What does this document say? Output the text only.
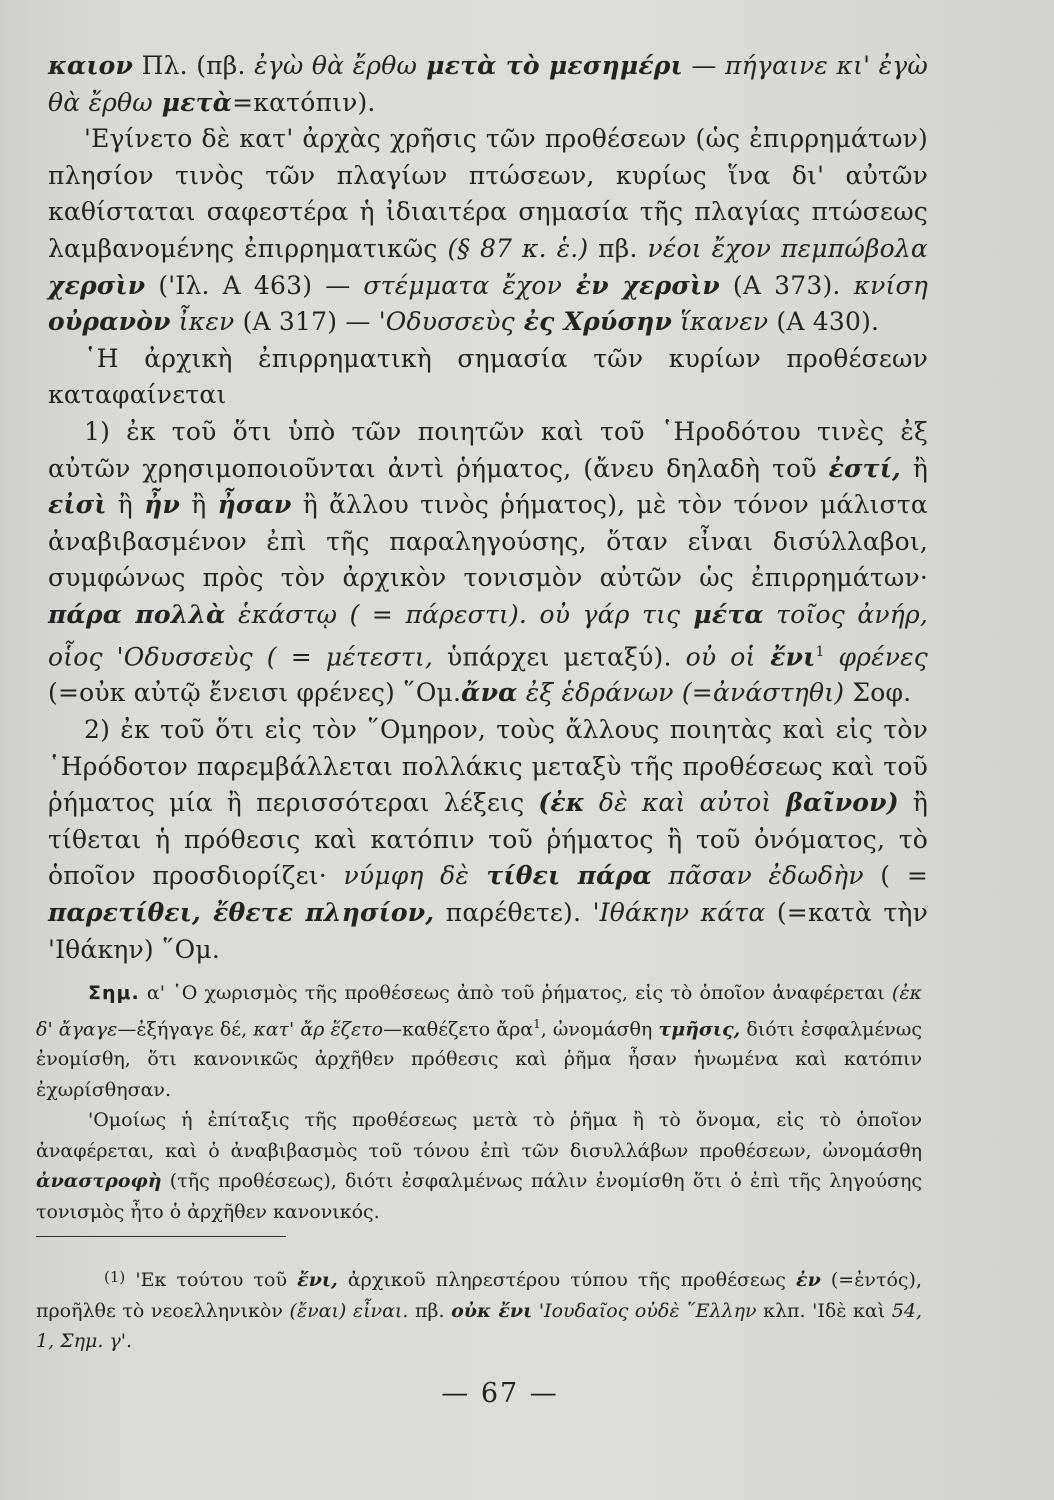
καιον Πλ. (πβ. ἐγὼ θὰ ἔρθω μετὰ τὸ μεσημέρι — πήγαινε κι' ἐγὼ θὰ ἔρθω μετὰ=κατόπιν).

'Εγίνετο δὲ κατ' ἀρχὰς χρῆσις τῶν προθέσεων (ὡς ἐπιρρημάτων) πλησίον τινὸς τῶν πλαγίων πτώσεων, κυρίως ἵνα δι' αὐτῶν καθίσταται σαφεστέρα ἡ ἰδιαιτέρα σημασία τῆς πλαγίας πτώσεως λαμβανομένης ἐπιρρηματικῶς (§ 87 κ. ἑ.) πβ. νέοι ἔχον πεμπώβολα χερσὶν ('Ιλ. Α 463) — στέμματα ἔχον ἐν χερσὶν (Α 373). κνίση οὐρανὸν ἶκεν (Α 317) — 'Οδυσσεὺς ἐς Χρύσην ἵκανεν (Α 430).

῾Η ἀρχικὴ ἐπιρρηματικὴ σημασία τῶν κυρίων προθέσεων καταφαίνεται

1) ἐκ τοῦ ὅτι ὑπὸ τῶν ποιητῶν καὶ τοῦ ῾Ηροδότου τινὲς ἐξ αὐτῶν χρησιμοποιοῦνται ἀντὶ ῥήματος, (ἄνευ δηλαδὴ τοῦ ἐστί, ἢ εἰσὶ ἢ ἦν ἢ ἦσαν ἢ ἄλλου τινὸς ῥήματος), μὲ τὸν τόνον μάλιστα ἀναβιβασμένον ἐπὶ τῆς παραληγούσης, ὅταν εἶναι δισύλλαβοι, συμφώνως πρὸς τὸν ἀρχικὸν τονισμὸν αὐτῶν ὡς ἐπιρρημάτων· πάρα πολλὰ ἑκάστῳ ( = πάρεστι). οὐ γάρ τις μέτα τοῖος ἀνήρ, οἷος 'Οδυσσεὺς ( = μέτεστι, ὑπάρχει μεταξύ). οὐ οἱ ἔνι$^1$ φρένες (=οὐκ αὐτῷ ἔνεισι φρένες) ῞Ομ.ἄνα ἐξ ἑδράνων (=ἀνάστηθι) Σοφ.

2) ἐκ τοῦ ὅτι εἰς τὸν ῞Ομηρον, τοὺς ἄλλους ποιητὰς καὶ εἰς τὸν ῾Ηρόδοτον παρεμβάλλεται πολλάκις μεταξὺ τῆς προθέσεως καὶ τοῦ ῥήματος μία ἢ περισσότεραι λέξεις (ἐκ δὲ καὶ αὐτοὶ βαῖνον) ἢ τίθεται ἡ πρόθεσις καὶ κατόπιν τοῦ ῥήματος ἢ τοῦ ὀνόματος, τὸ ὁποῖον προσδιορίζει· νύμφη δὲ τίθει πάρα πᾶσαν ἐδωδὴν ( = παρετίθει, ἔθετε πλησίον, παρέθετε). 'Ιθάκην κάτα (=κατὰ τὴν 'Ιθάκην) ῞Ομ.

Σημ. α' ῾Ο χωρισμὸς τῆς προθέσεως ἀπὸ τοῦ ῥήματος, εἰς τὸ ὁποῖον ἀναφέρεται (ἐκ δ' ἄγαγε—ἐξήγαγε δέ, κατ' ἄρ ἕζετο—καθέζετο ἄρα$^1$, ὠνομάσθη τμῆσις, διότι ἐσφαλμένως ἐνομίσθη, ὅτι κανονικῶς ἀρχῆθεν πρόθεσις καὶ ῥῆμα ἦσαν ἡνωμένα καὶ κατόπιν ἐχωρίσθησαν.

'Ομοίως ἡ ἐπίταξις τῆς προθέσεως μετὰ τὸ ῥῆμα ἢ τὸ ὄνομα, εἰς τὸ ὁποῖον ἀναφέρεται, καὶ ὁ ἀναβιβασμὸς τοῦ τόνου ἐπὶ τῶν δισυλλάβων προθέσεων, ὠνομάσθη ἀναστροφὴ (τῆς προθέσεως), διότι ἐσφαλμένως πάλιν ἐνομίσθη ὅτι ὁ ἐπὶ τῆς ληγούσης τονισμὸς ἦτο ὁ ἀρχῆθεν κανονικός.

$^{(1)}$ 'Εκ τούτου τοῦ ἔνι, ἀρχικοῦ πληρεστέρου τύπου τῆς προθέσεως ἐν (=ἐντός), προῆλθε τὸ νεοελληνικὸν (ἔναι) εἶναι. πβ. οὐκ ἔνι 'Ιουδαῖος οὐδὲ ῞Ελλην κλπ. 'Ιδὲ καὶ 54, 1, Σημ. γ'.

— 67 —
